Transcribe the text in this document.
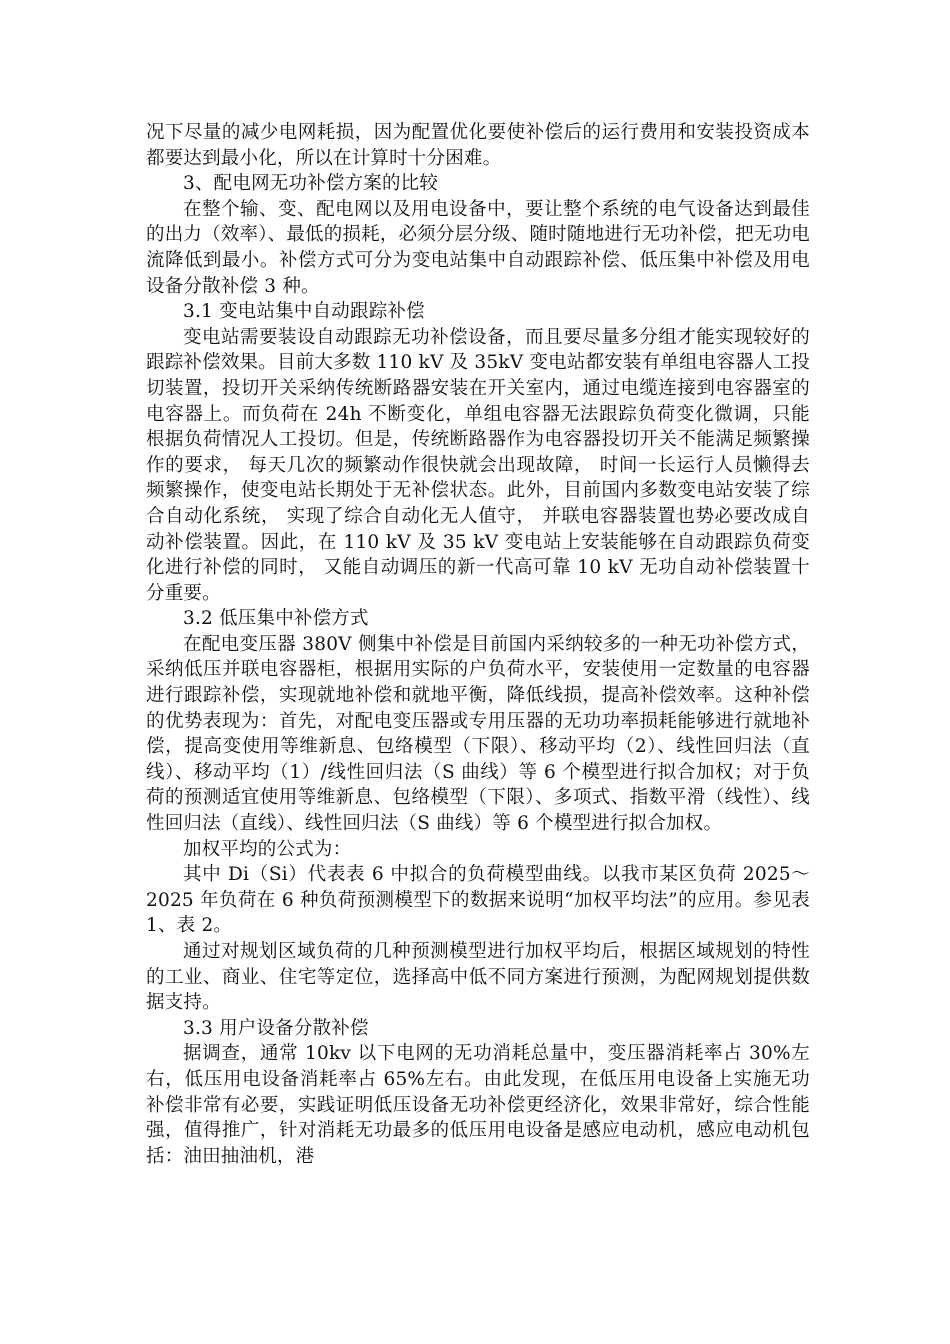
况下尽量的减少电网耗损，因为配置优化要使补偿后的运行费用和安装投资成本都要达到最小化，所以在计算时十分困难。

3、配电网无功补偿方案的比较

在整个输、变、配电网以及用电设备中，要让整个系统的电气设备达到最佳的出力（效率）、最低的损耗，必须分层分级、随时随地进行无功补偿，把无功电流降低到最小。补偿方式可分为变电站集中自动跟踪补偿、低压集中补偿及用电设备分散补偿 3 种。

3.1 变电站集中自动跟踪补偿

变电站需要装设自动跟踪无功补偿设备，而且要尽量多分组才能实现较好的跟踪补偿效果。目前大多数 110 kV 及 35kV 变电站都安装有单组电容器人工投切装置，投切开关采纳传统断路器安装在开关室内，通过电缆连接到电容器室的电容器上。而负荷在 24h 不断变化，单组电容器无法跟踪负荷变化微调，只能根据负荷情况人工投切。但是，传统断路器作为电容器投切开关不能满足频繁操作的要求， 每天几次的频繁动作很快就会出现故障， 时间一长运行人员懒得去频繁操作，使变电站长期处于无补偿状态。此外，目前国内多数变电站安装了综合自动化系统， 实现了综合自动化无人值守， 并联电容器装置也势必要改成自动补偿装置。因此，在 110 kV 及 35 kV 变电站上安装能够在自动跟踪负荷变化进行补偿的同时， 又能自动调压的新一代高可靠 10 kV 无功自动补偿装置十分重要。

3.2 低压集中补偿方式

在配电变压器 380V 侧集中补偿是目前国内采纳较多的一种无功补偿方式，采纳低压并联电容器柜，根据用实际的户负荷水平，安装使用一定数量的电容器进行跟踪补偿，实现就地补偿和就地平衡，降低线损，提高补偿效率。这种补偿的优势表现为：首先，对配电变压器或专用压器的无功功率损耗能够进行就地补偿，提高变使用等维新息、包络模型（下限）、移动平均（2）、线性回归法（直线）、移动平均（1）/线性回归法（S 曲线）等 6 个模型进行拟合加权；对于负荷的预测适宜使用等维新息、包络模型（下限）、多项式、指数平滑（线性）、线性回归法（直线）、线性回归法（S 曲线）等 6 个模型进行拟合加权。

加权平均的公式为：

其中 Di（Si）代表表 6 中拟合的负荷模型曲线。以我市某区负荷 2025～2025 年负荷在 6 种负荷预测模型下的数据来说明“加权平均法”的应用。参见表 1、表 2。

通过对规划区域负荷的几种预测模型进行加权平均后，根据区域规划的特性的工业、商业、住宅等定位，选择高中低不同方案进行预测，为配网规划提供数据支持。

3.3 用户设备分散补偿

据调查，通常 10kv 以下电网的无功消耗总量中，变压器消耗率占 30%左右，低压用电设备消耗率占 65%左右。由此发现，在低压用电设备上实施无功补偿非常有必要，实践证明低压设备无功补偿更经济化，效果非常好，综合性能强，值得推广，针对消耗无功最多的低压用电设备是感应电动机，感应电动机包括：油田抽油机，港
